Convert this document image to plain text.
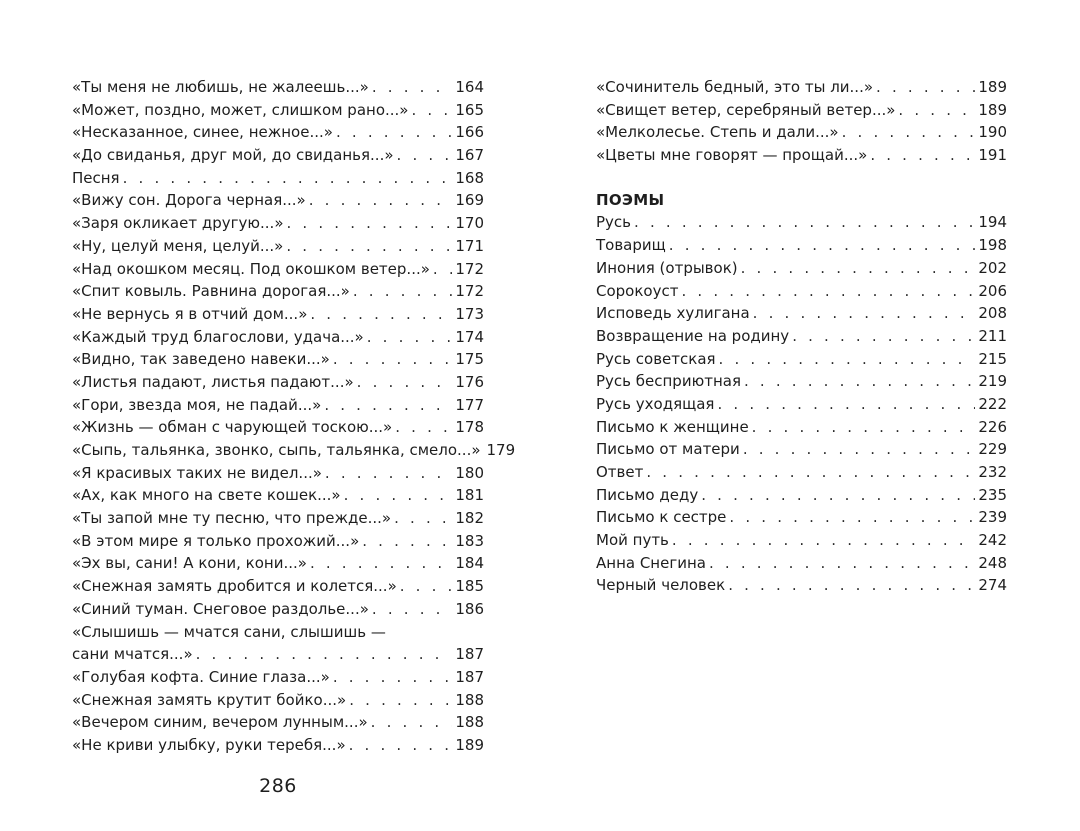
«Ты меня не любишь, не жалеешь...» . . .	164
«Может, поздно, может, слишком рано...» . . .	165
«Несказанное, синее, нежное...» . . .	166
«До свиданья, друг мой, до свиданья...» . . .	167
Песня . . .	168
«Вижу сон. Дорога черная...» . . .	169
«Заря окликает другую...» . . .	170
«Ну, целуй меня, целуй...» . . .	171
«Над окошком месяц. Под окошком ветер...» . . . 172
«Спит ковыль. Равнина дорогая...» . . .	172
«Не вернусь я в отчий дом...» . . .	173
«Каждый труд благослови, удача...» . . .	174
«Видно, так заведено навеки...» . . .	175
«Листья падают, листья падают...» . . .	176
«Гори, звезда моя, не падай...» . . .	177
«Жизнь — обман с чарующей тоскою...» . . .	178
«Сыпь, тальянка, звонко, сыпь, тальянка, смело...» 179
«Я красивых таких не видел...» . . .	180
«Ах, как много на свете кошек...» . . .	181
«Ты запой мне ту песню, что прежде...» . . .	182
«В этом мире я только прохожий...» . . .	183
«Эх вы, сани! А кони, кони...» . . .	184
«Снежная замять дробится и колется...» . . .	185
«Синий туман. Снеговое раздолье...» . . .	186
«Слышишь — мчатся сани, слышишь —
сани мчатся...» . . .	187
«Голубая кофта. Синие глаза...» . . .	187
«Снежная замять крутит бойко...» . . .	188
«Вечером синим, вечером лунным...» . . .	188
«Не криви улыбку, руки теребя...» . . .	189
«Сочинитель бедный, это ты ли...» . . .	189
«Свищет ветер, серебряный ветер...» . . .	189
«Мелколесье. Степь и дали...» . . .	190
«Цветы мне говорят — прощай...» . . .	191
ПОЭМЫ
Русь . . .	194
Товарищ . . .	198
Инония (отрывок) . . .	202
Сорокоуст . . .	206
Исповедь хулигана . . .	208
Возвращение на родину . . .	211
Русь советская . . .	215
Русь бесприютная . . .	219
Русь уходящая . . .	222
Письмо к женщине . . .	226
Письмо от матери . . .	229
Ответ . . .	232
Письмо деду . . .	235
Письмо к сестре . . .	239
Мой путь . . .	242
Анна Снегина . . .	248
Черный человек . . .	274
286
